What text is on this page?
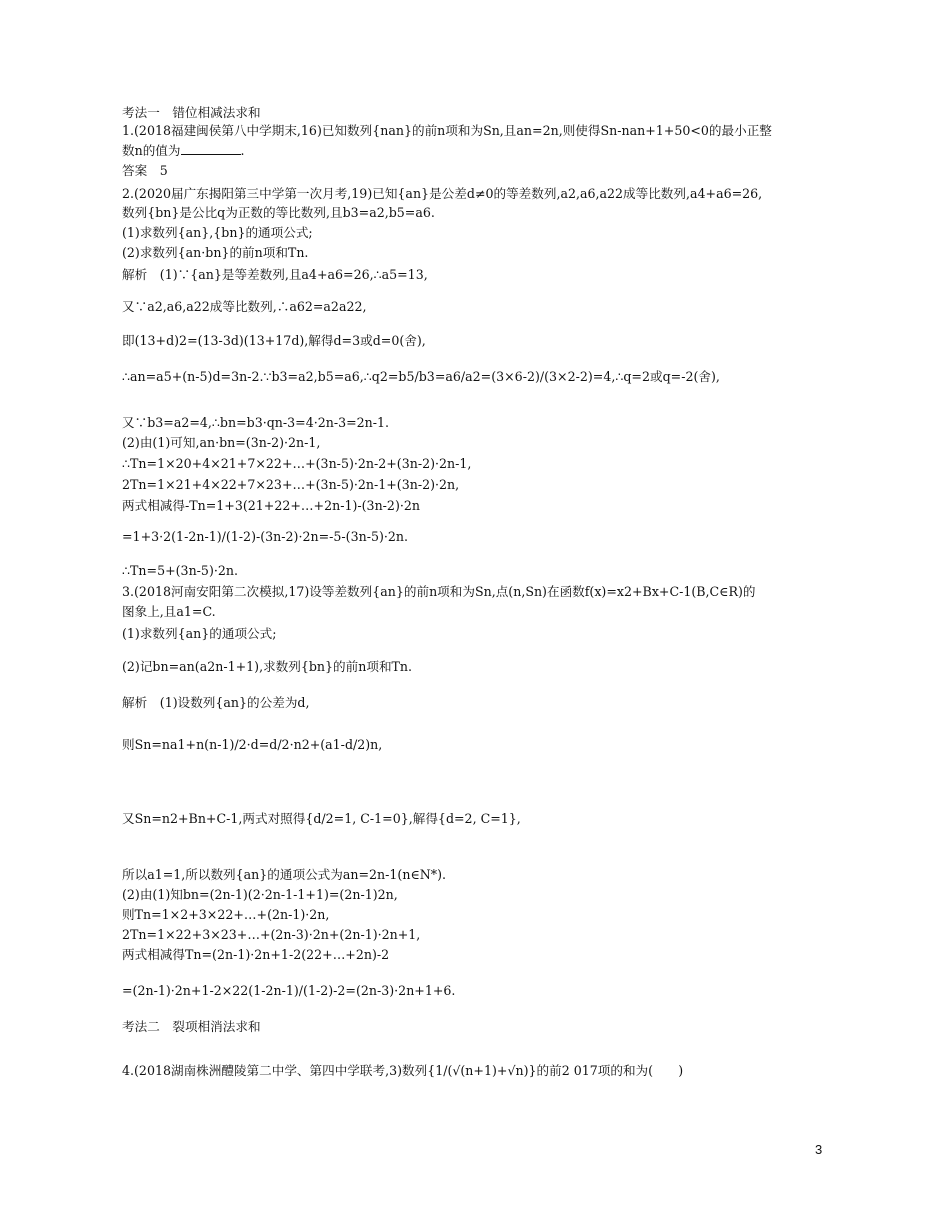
考法一　错位相减法求和
1.(2018福建闽侯第八中学期末,16)已知数列{nan}的前n项和为Sn,且an=2n,则使得Sn-nan+1+50<0的最小正整
数n的值为	.
答案　5
2.(2020届广东揭阳第三中学第一次月考,19)已知{an}是公差d≠0的等差数列,a2,a6,a22成等比数列,a4+a6=26,
数列{bn}是公比q为正数的等比数列,且b3=a2,b5=a6.
(1)求数列{an},{bn}的通项公式;
(2)求数列{an·bn}的前n项和Tn.
解析　(1)∵{an}是等差数列,且a4+a6=26,∴a5=13,
又∵a2,a6,a22成等比数列,∴a62=a2a22,
即(13+d)2=(13-3d)(13+17d),解得d=3或d=0(舍),
∴an=a5+(n-5)d=3n-2.∵b3=a2,b5=a6,∴q2=b5/b3=a6/a2=(3×6-2)/(3×2-2)=4,∴q=2或q=-2(舍),
又∵b3=a2=4,∴bn=b3·qn-3=4·2n-3=2n-1.
(2)由(1)可知,an·bn=(3n-2)·2n-1,
∴Tn=1×20+4×21+7×22+…+(3n-5)·2n-2+(3n-2)·2n-1,
2Tn=1×21+4×22+7×23+…+(3n-5)·2n-1+(3n-2)·2n,
两式相减得-Tn=1+3(21+22+…+2n-1)-(3n-2)·2n
=1+3·2(1-2n-1)/(1-2)-(3n-2)·2n=-5-(3n-5)·2n.
∴Tn=5+(3n-5)·2n.
3.(2018河南安阳第二次模拟,17)设等差数列{an}的前n项和为Sn,点(n,Sn)在函数f(x)=x2+Bx+C-1(B,C∈R)的
图象上,且a1=C.
(1)求数列{an}的通项公式;
(2)记bn=an(a2n-1+1),求数列{bn}的前n项和Tn.
解析　(1)设数列{an}的公差为d,
则Sn=na1+n(n-1)/2·d=d/2·n2+(a1-d/2)n,
又Sn=n2+Bn+C-1,两式对照得{d/2=1, C-1=0},解得{d=2, C=1},
所以a1=1,所以数列{an}的通项公式为an=2n-1(n∈N*).
(2)由(1)知bn=(2n-1)(2·2n-1-1+1)=(2n-1)2n,
则Tn=1×2+3×22+…+(2n-1)·2n,
2Tn=1×22+3×23+…+(2n-3)·2n+(2n-1)·2n+1,
两式相减得Tn=(2n-1)·2n+1-2(22+…+2n)-2
=(2n-1)·2n+1-2×22(1-2n-1)/(1-2)-2=(2n-3)·2n+1+6.
考法二　裂项相消法求和
4.(2018湖南株洲醴陵第二中学、第四中学联考,3)数列{1/(√(n+1)+√n)}的前2 017项的和为(　　)
3
